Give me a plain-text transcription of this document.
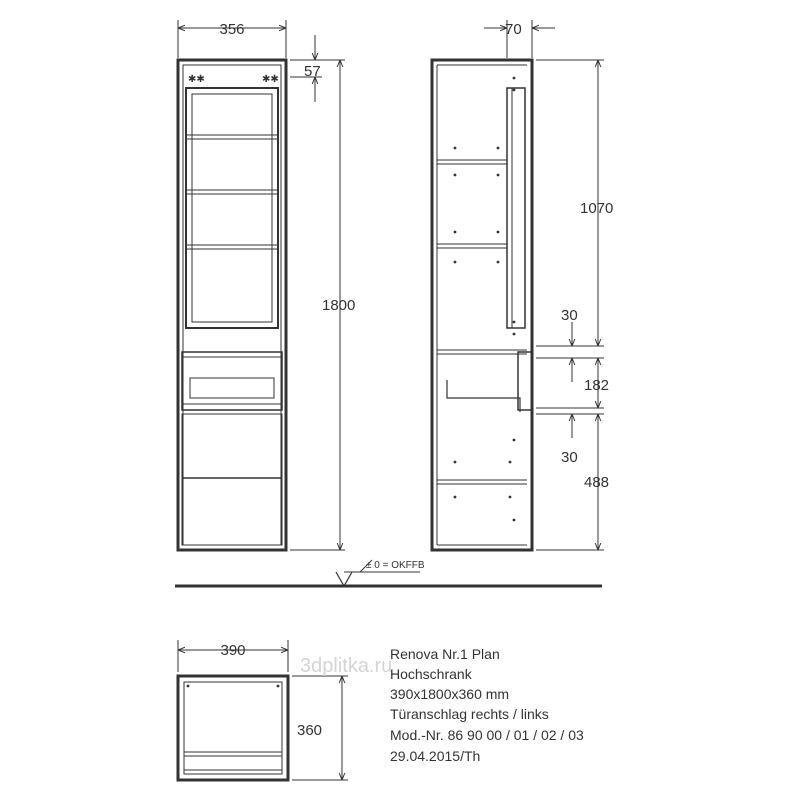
✱✱	✱✱
356
57
1800
70
1070
30
182
30
488
± 0 = OKFFB
390
360
3dplitka.ru
Renova Nr.1 Plan
Hochschrank
390x1800x360 mm
Türanschlag rechts / links
Mod.-Nr. 86 90 00 / 01 / 02 / 03
29.04.2015/Th
